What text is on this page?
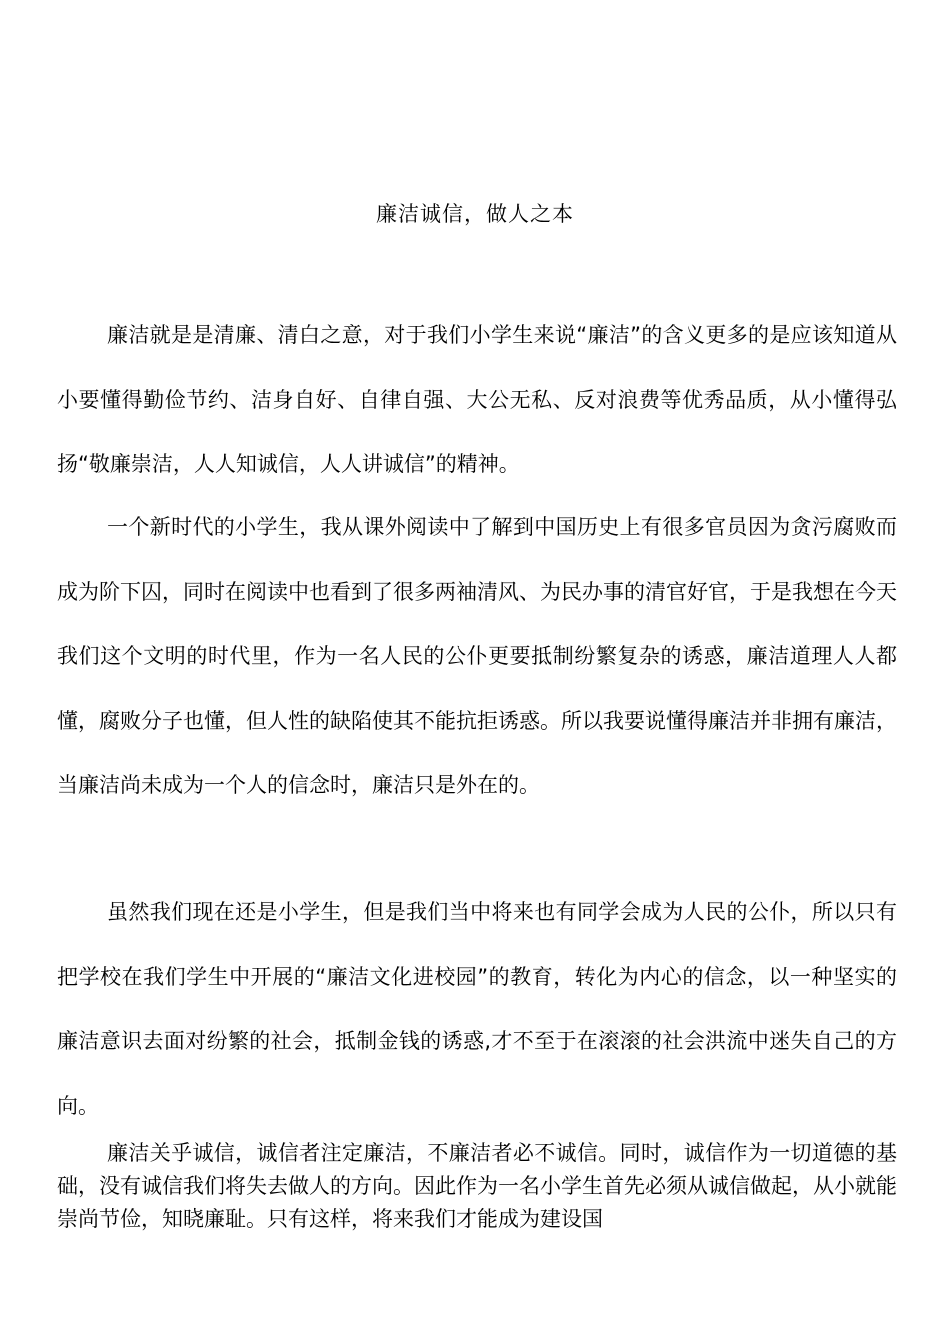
廉洁诚信，做人之本

廉洁就是是清廉、清白之意，对于我们小学生来说“廉洁”的含义更多的是应该知道从小要懂得勤俭节约、洁身自好、自律自强、大公无私、反对浪费等优秀品质，从小懂得弘扬“敬廉崇洁，人人知诚信，人人讲诚信”的精神。

一个新时代的小学生，我从课外阅读中了解到中国历史上有很多官员因为贪污腐败而成为阶下囚，同时在阅读中也看到了很多两袖清风、为民办事的清官好官，于是我想在今天我们这个文明的时代里，作为一名人民的公仆更要抵制纷繁复杂的诱惑，廉洁道理人人都懂，腐败分子也懂，但人性的缺陷使其不能抗拒诱惑。所以我要说懂得廉洁并非拥有廉洁，当廉洁尚未成为一个人的信念时，廉洁只是外在的。

虽然我们现在还是小学生，但是我们当中将来也有同学会成为人民的公仆，所以只有把学校在我们学生中开展的“廉洁文化进校园”的教育，转化为内心的信念，以一种坚实的廉洁意识去面对纷繁的社会，抵制金钱的诱惑,才不至于在滚滚的社会洪流中迷失自己的方向。

廉洁关乎诚信，诚信者注定廉洁，不廉洁者必不诚信。同时，诚信作为一切道德的基础，没有诚信我们将失去做人的方向。因此作为一名小学生首先必须从诚信做起，从小就能崇尚节俭，知晓廉耻。只有这样，将来我们才能成为建设国
